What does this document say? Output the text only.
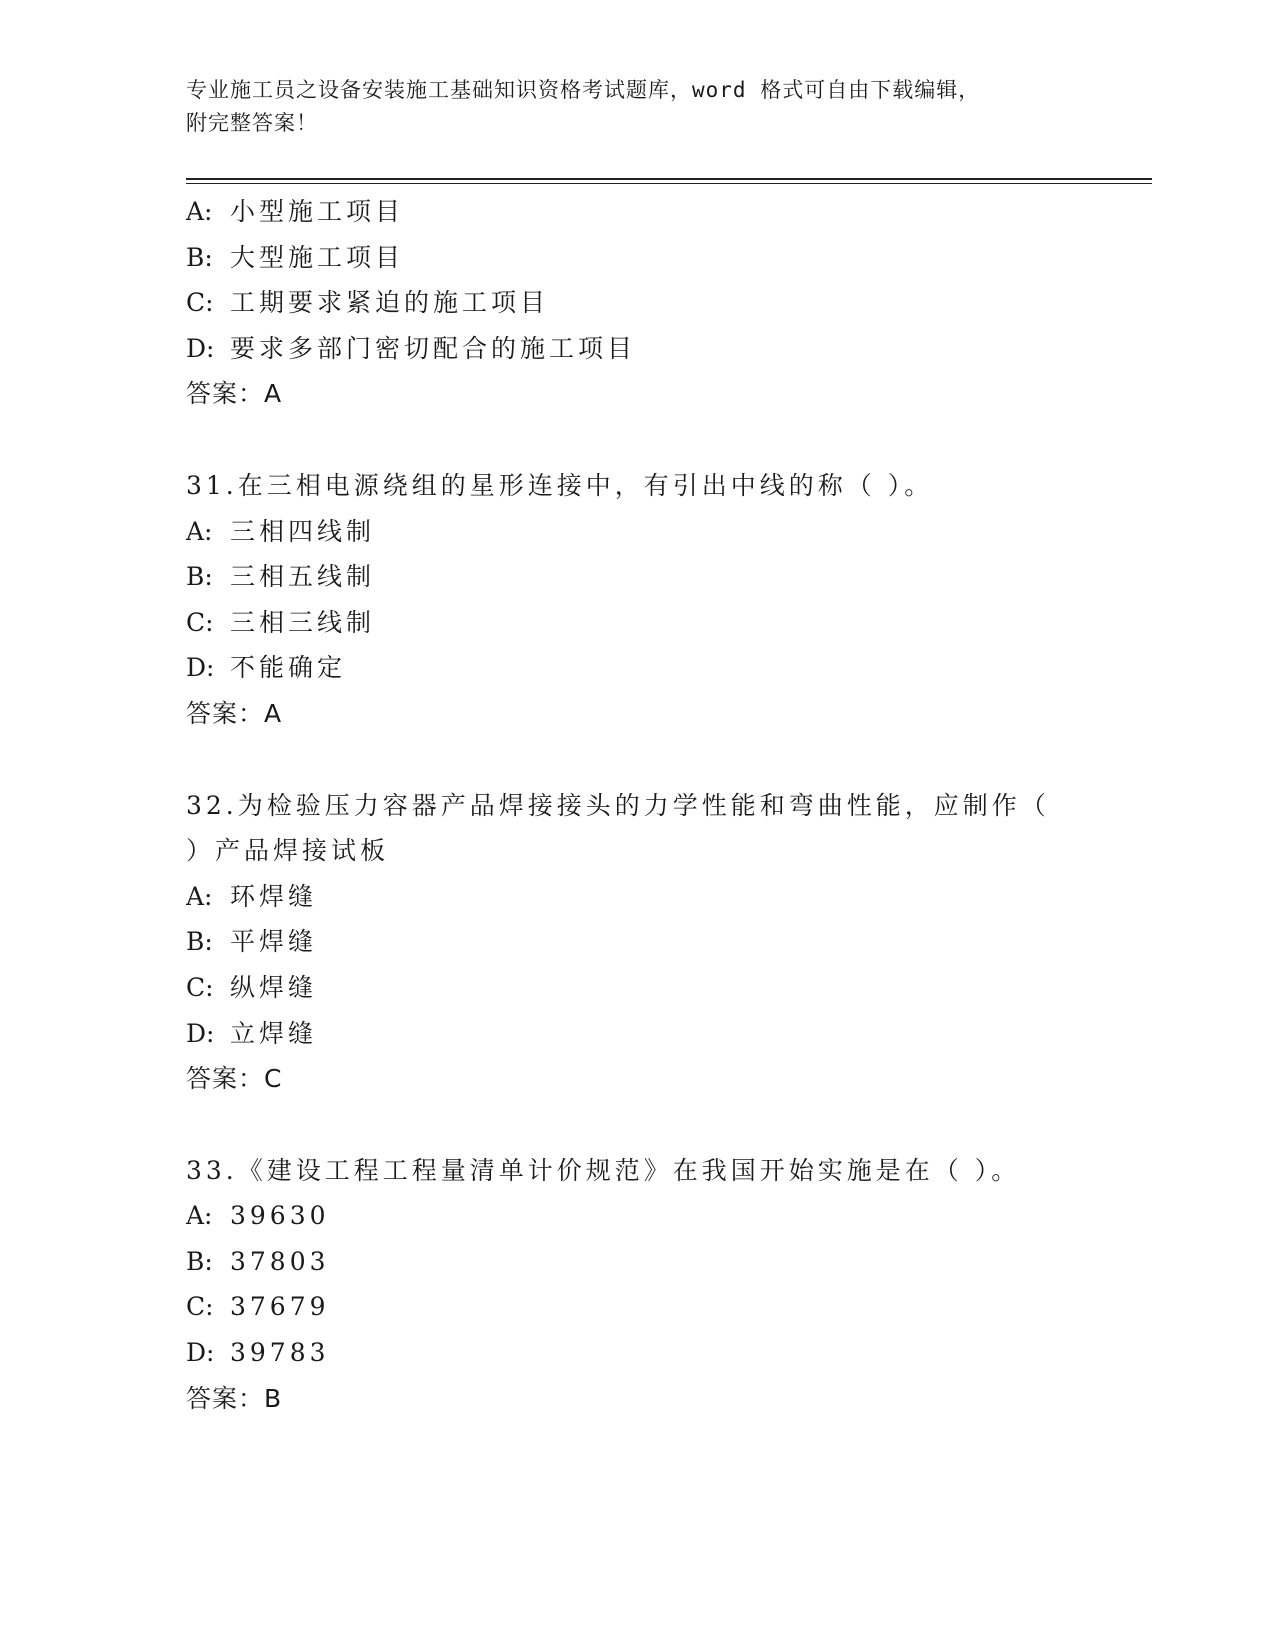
专业施工员之设备安装施工基础知识资格考试题库，word 格式可自由下载编辑，
附完整答案！
A: 小型施工项目
B: 大型施工项目
C: 工期要求紧迫的施工项目
D: 要求多部门密切配合的施工项目
答案：A
31.在三相电源绕组的星形连接中，有引出中线的称（ ）。
A: 三相四线制
B: 三相五线制
C: 三相三线制
D: 不能确定
答案：A
32.为检验压力容器产品焊接接头的力学性能和弯曲性能，应制作（
）产品焊接试板
A: 环焊缝
B: 平焊缝
C: 纵焊缝
D: 立焊缝
答案：C
33.《建设工程工程量清单计价规范》在我国开始实施是在（ ）。
A: 39630
B: 37803
C: 37679
D: 39783
答案：B
